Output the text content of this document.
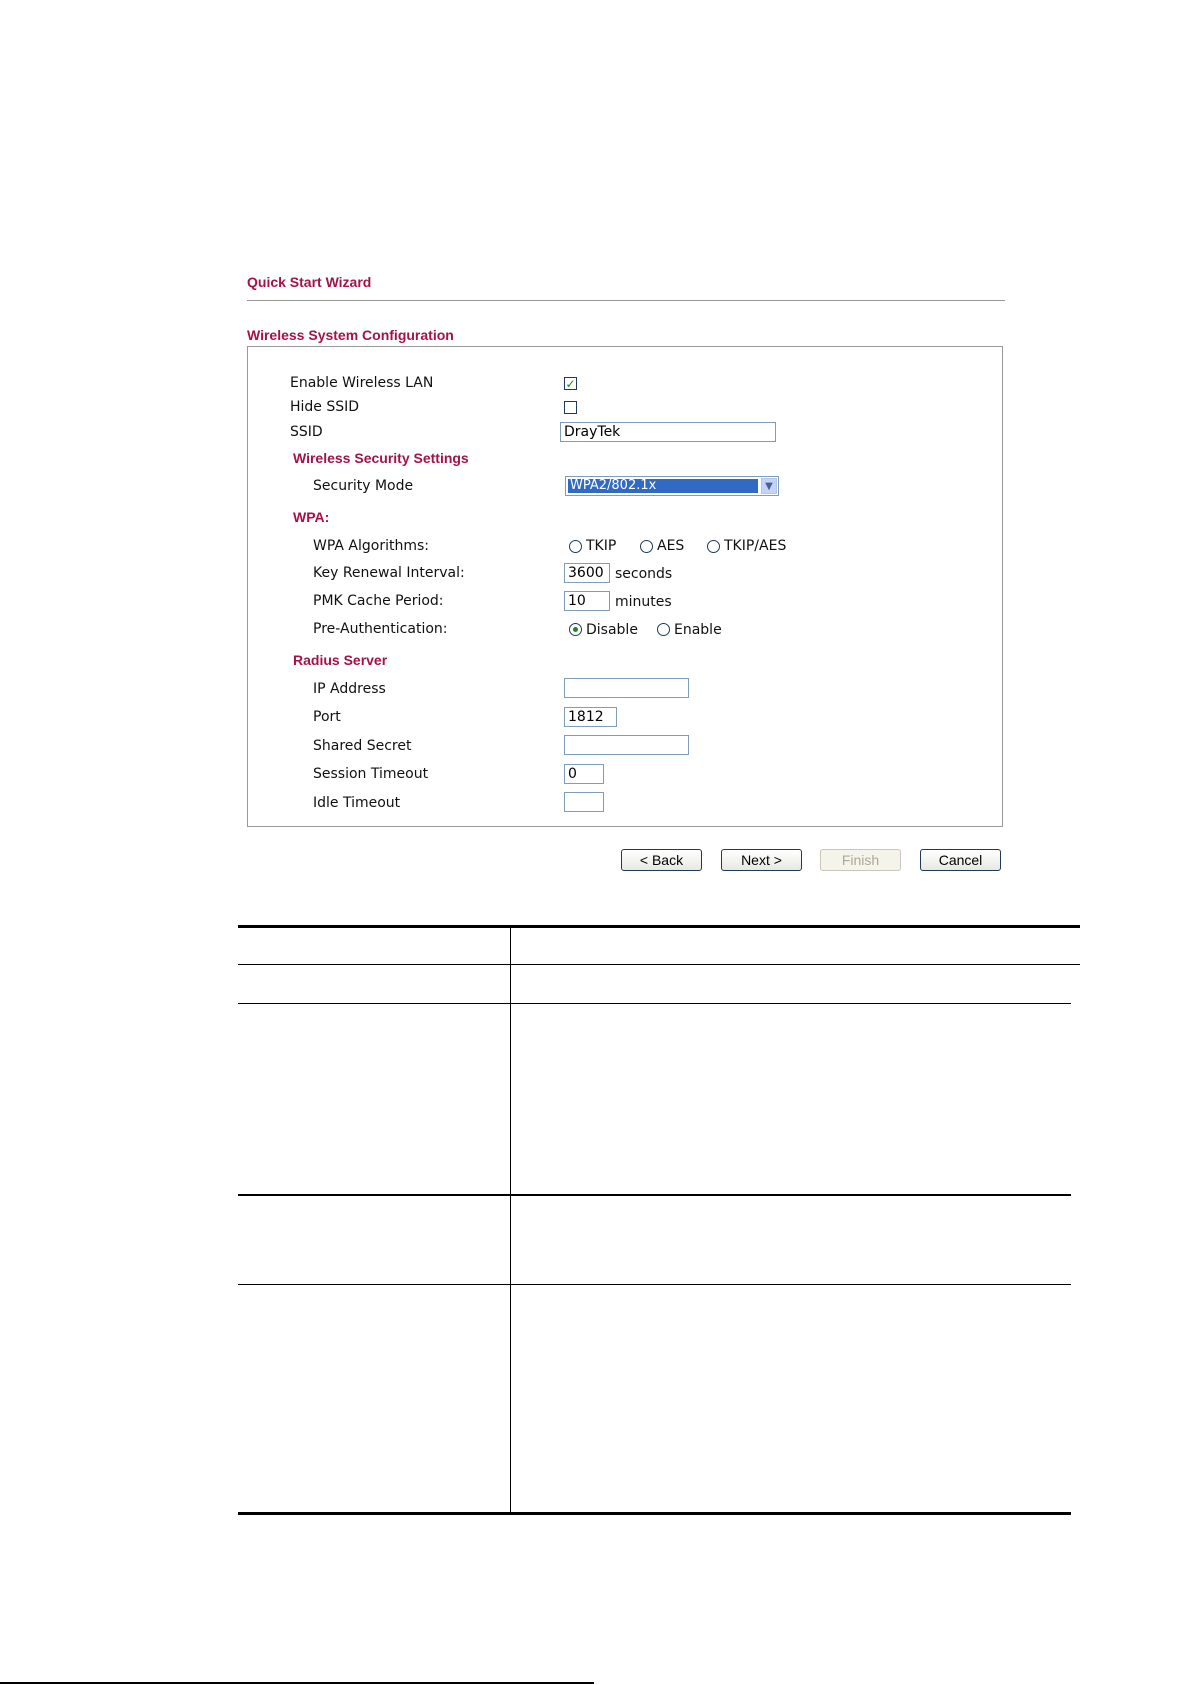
Quick Start Wizard
Wireless System Configuration
Enable Wireless LAN	✓
Hide SSID
SSID	DrayTek
Wireless Security Settings
Security Mode	WPA2/802.1x	▼
WPA:
WPA Algorithms:	TKIP	AES	TKIP/AES
Key Renewal Interval:	3600 seconds
PMK Cache Period:	10	minutes
Pre-Authentication:	Disable	Enable
Radius Server
IP Address
Port	1812
Shared Secret
Session Timeout	0
Idle Timeout
< Back	Next >	Finish	Cancel
